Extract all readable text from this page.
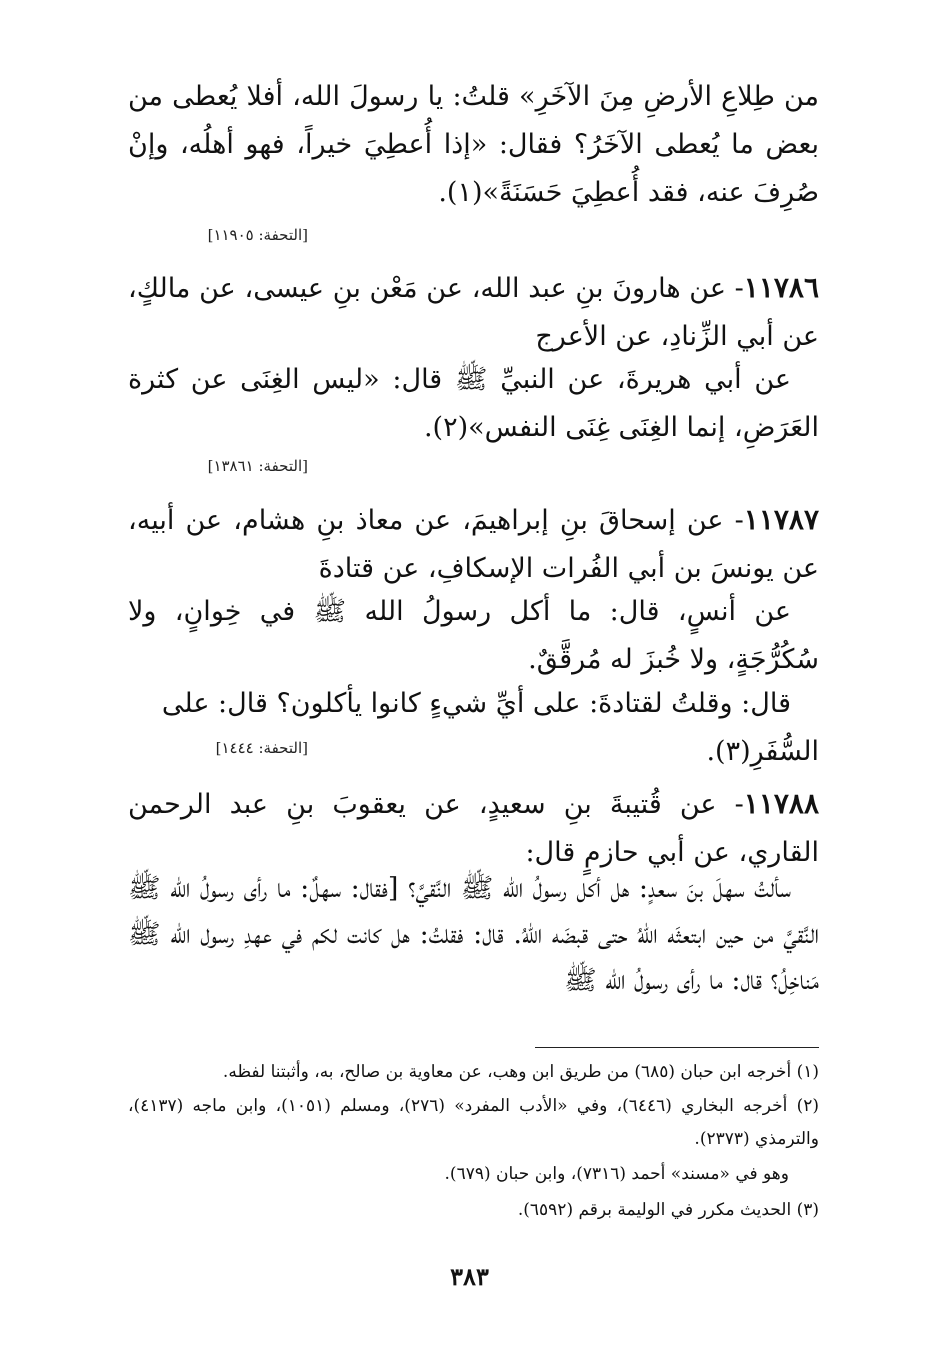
من طِلاعِ الأرضِ مِنَ الآخَرِ» قلتُ: يا رسولَ الله، أفلا يُعطى من بعض ما يُعطى الآخَرُ؟ فقال: «إذا أُعطِيَ خيراً، فهو أهلُه، وإنْ صُرِفَ عنه، فقد أُعطِيَ حَسَنَةً»(١).
[التحفة: ١١٩٠٥]
١١٧٨٦- عن هارونَ بنِ عبد الله، عن مَعْن بنِ عيسى، عن مالكٍ، عن أبي الزِّنادِ، عن الأعرج
عن أبي هريرةَ، عن النبيِّ ﷺ قال: «ليس الغِنَى عن كثرة العَرَضِ، إنما الغِنَى غِنَى النفس»(٢).
[التحفة: ١٣٨٦١]
١١٧٨٧- عن إسحاقَ بنِ إبراهيمَ، عن معاذ بنِ هشام، عن أبيه، عن يونسَ بن أبي الفُرات الإسكافِ، عن قتادةَ
عن أنسٍ، قال: ما أكل رسولُ الله ﷺ في خِوانٍ، ولا سُكُرُّجَةٍ، ولا خُبزَ له مُرقَّقٌ.
قال: وقلتُ لقتادةَ: على أيِّ شيءٍ كانوا يأكلون؟ قال: على السُّفَرِ(٣).
[التحفة: ١٤٤٤]
١١٧٨٨- عن قُتيبةَ بنِ سعيدٍ، عن يعقوبَ بنِ عبد الرحمن القاري، عن أبي حازمٍ قال:
سألتُ سهلَ بنَ سعدٍ: هل أكل رسولُ الله ﷺ النَّقيَّ؟ [فقال: سهلٌ: ما رأى رسولُ الله ﷺ النَّقيَّ من حين ابتعثَه اللهُ حتى قبضَه اللهُ. قال: فقلتُ: هل كانت لكم في عهدِ رسول الله ﷺ مَناخِلُ؟ قال: ما رأى رسولُ الله ﷺ
(١) أخرجه ابن حبان (٦٨٥) من طريق ابن وهب، عن معاوية بن صالح، به، وأثبتنا لفظه.
(٢) أخرجه البخاري (٦٤٤٦)، وفي «الأدب المفرد» (٢٧٦)، ومسلم (١٠٥١)، وابن ماجه (٤١٣٧)، والترمذي (٢٣٧٣).
وهو في «مسند» أحمد (٧٣١٦)، وابن حبان (٦٧٩).
(٣) الحديث مكرر في الوليمة برقم (٦٥٩٢).
٣٨٣
